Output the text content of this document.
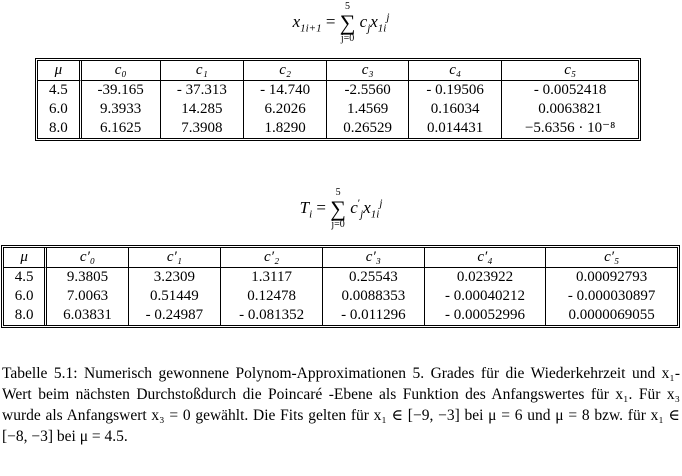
$x_{1i+1}$ =
5
∑
j=0
$c_jx_{1i}^j$
μ	c₀	c₁	c₂	c₃	c₄	c₅
4.5	-39.165	- 37.313	- 14.740	-2.5560	- 0.19506	- 0.0052418
6.0	9.3933	14.285	6.2026	1.4569	0.16034	0.0063821
8.0	6.1625	7.3908	1.8290	0.26529	0.014431	−5.6356 · 10⁻⁸
$T_i$ =
5
∑
j=0
$c'_jx_{1i}^j$
μ	c′₀	c′₁	c′₂	c′₃	c′₄	c′₅
4.5	9.3805	3.2309	1.3117	0.25543	0.023922	0.00092793
6.0	7.0063	0.51449	0.12478	0.0088353	- 0.00040212	- 0.000030897
8.0	6.03831	- 0.24987	- 0.081352	- 0.011296	- 0.00052996	0.0000069055
Tabelle 5.1: Numerisch gewonnene Polynom-Approximationen 5. Grades für die Wiederkehrzeit und x₁-Wert beim nächsten Durchstoßdurch die Poincaré -Ebene als Funktion des Anfangswertes für x₁. Für x₃ wurde als Anfangswert x₃ = 0 gewählt. Die Fits gelten für x₁ ∈ [−9, −3] bei μ = 6 und μ = 8 bzw. für x₁ ∈ [−8, −3] bei μ = 4.5.
